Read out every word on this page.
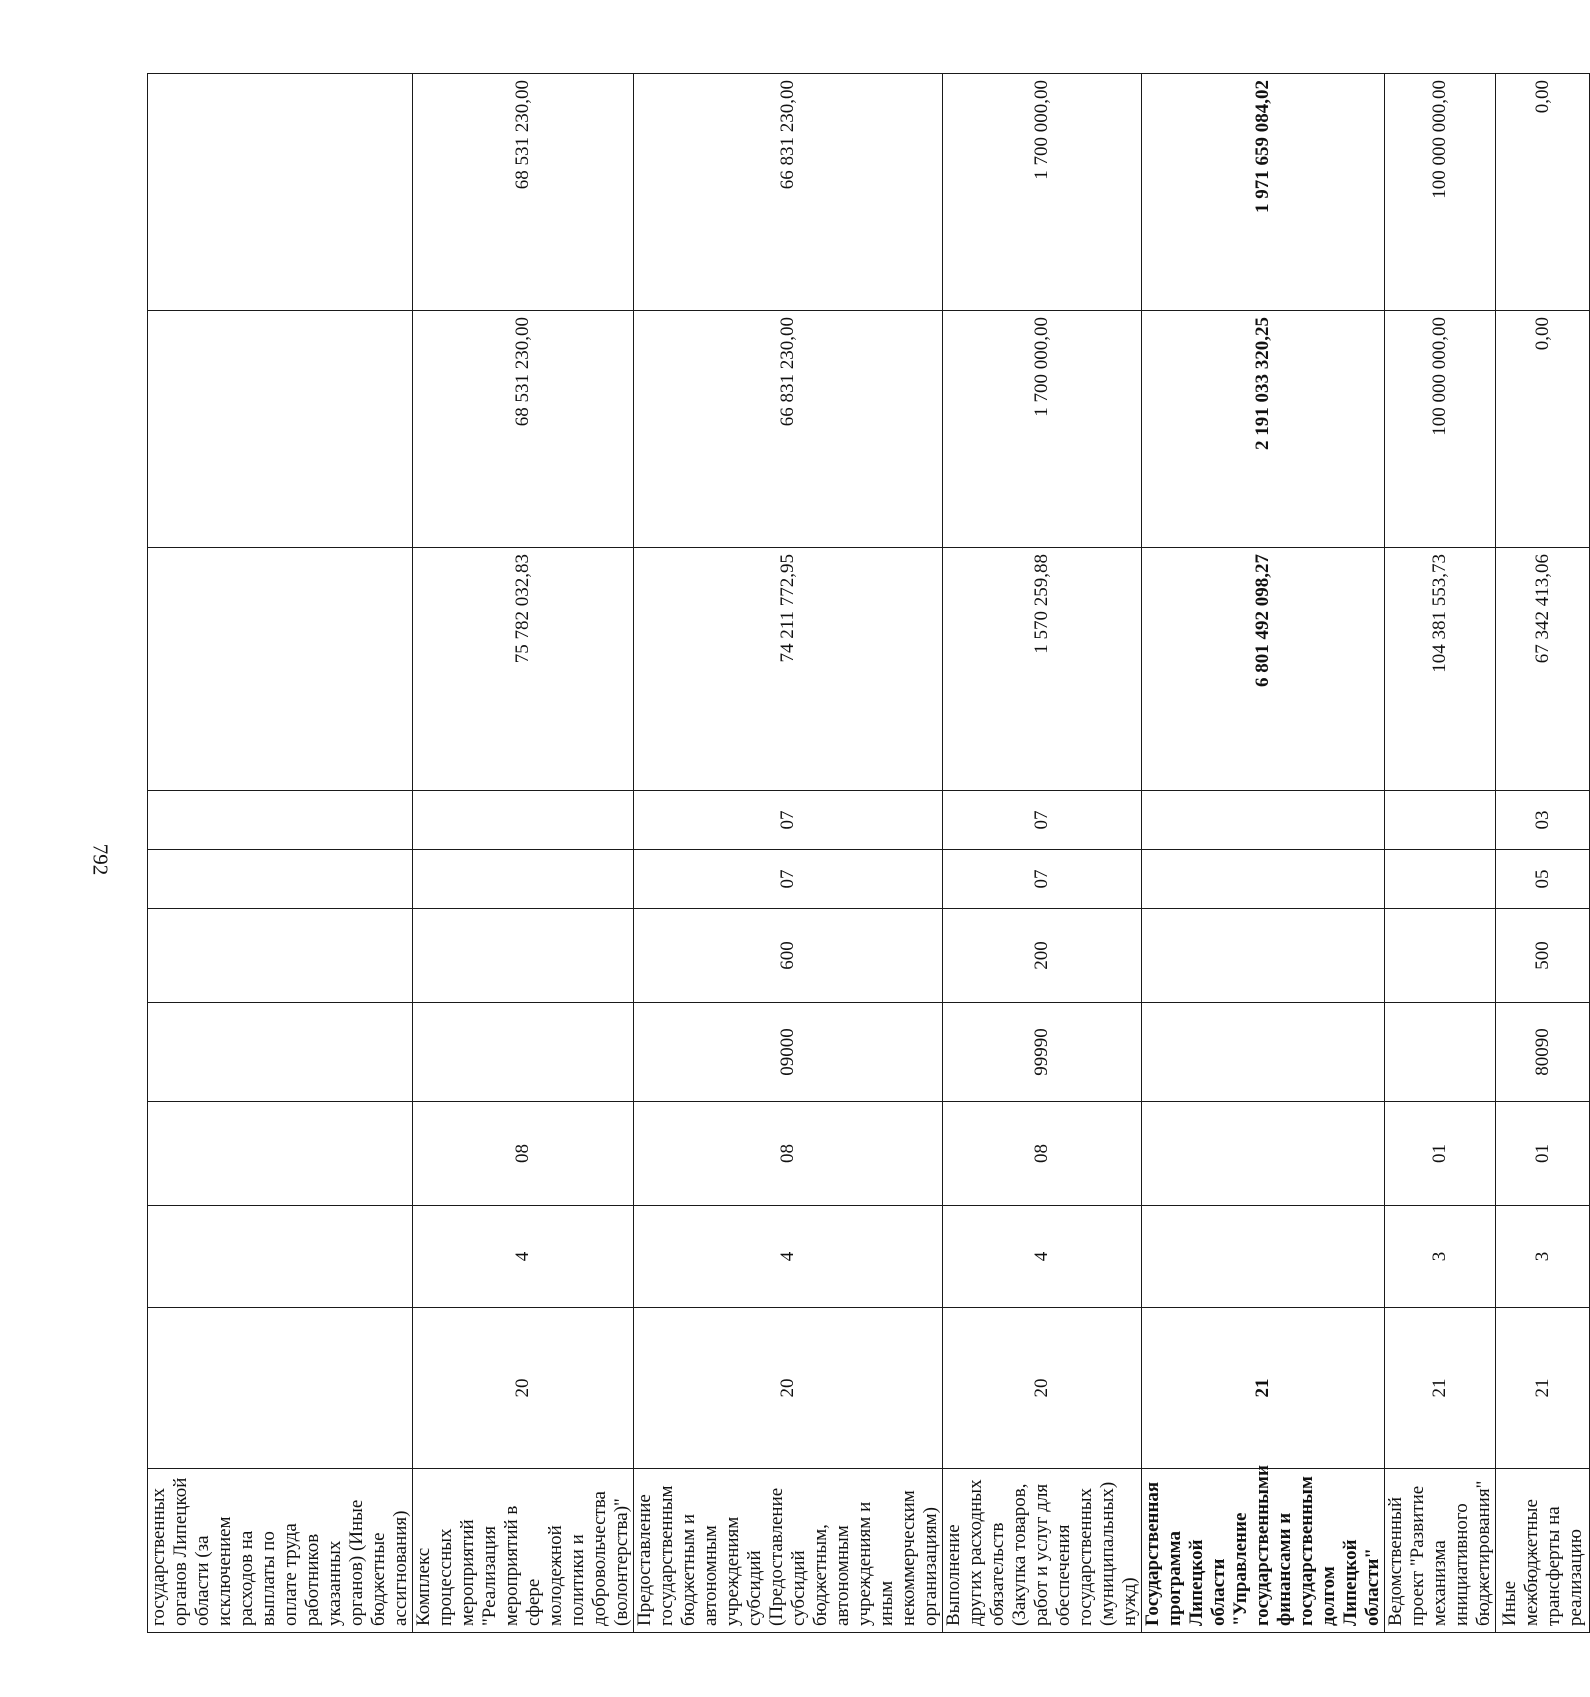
792
государственных органов Липецкой области (за исключением расходов на выплаты по оплате труда работников указанных органов) (Иные бюджетные ассигнования)										
Комплекс процессных мероприятий "Реализация мероприятий в сфере молодежной политики и добровольчества (волонтерства)"	20	4	08					75 782 032,83	68 531 230,00	68 531 230,00
Предоставление государственным бюджетным и автономным учреждениям субсидий (Предоставление субсидий бюджетным, автономным учреждениям и иным некоммерческим организациям)	20	4	08	09000	600	07	07	74 211 772,95	66 831 230,00	66 831 230,00
Выполнение других расходных обязательств (Закупка товаров, работ и услуг для обеспечения государственных (муниципальных) нужд)	20	4	08	99990	200	07	07	1 570 259,88	1 700 000,00	1 700 000,00
Государственная программа Липецкой области "Управление государственными финансами и государственным долгом Липецкой области"	21							6 801 492 098,27	2 191 033 320,25	1 971 659 084,02
Ведомственный проект "Развитие механизма инициативного бюджетирования"	21	3	01					104 381 553,73	100 000 000,00	100 000 000,00
Иные межбюджетные трансферты на реализацию	21	3	01	80090	500	05	03	67 342 413,06	0,00	0,00
